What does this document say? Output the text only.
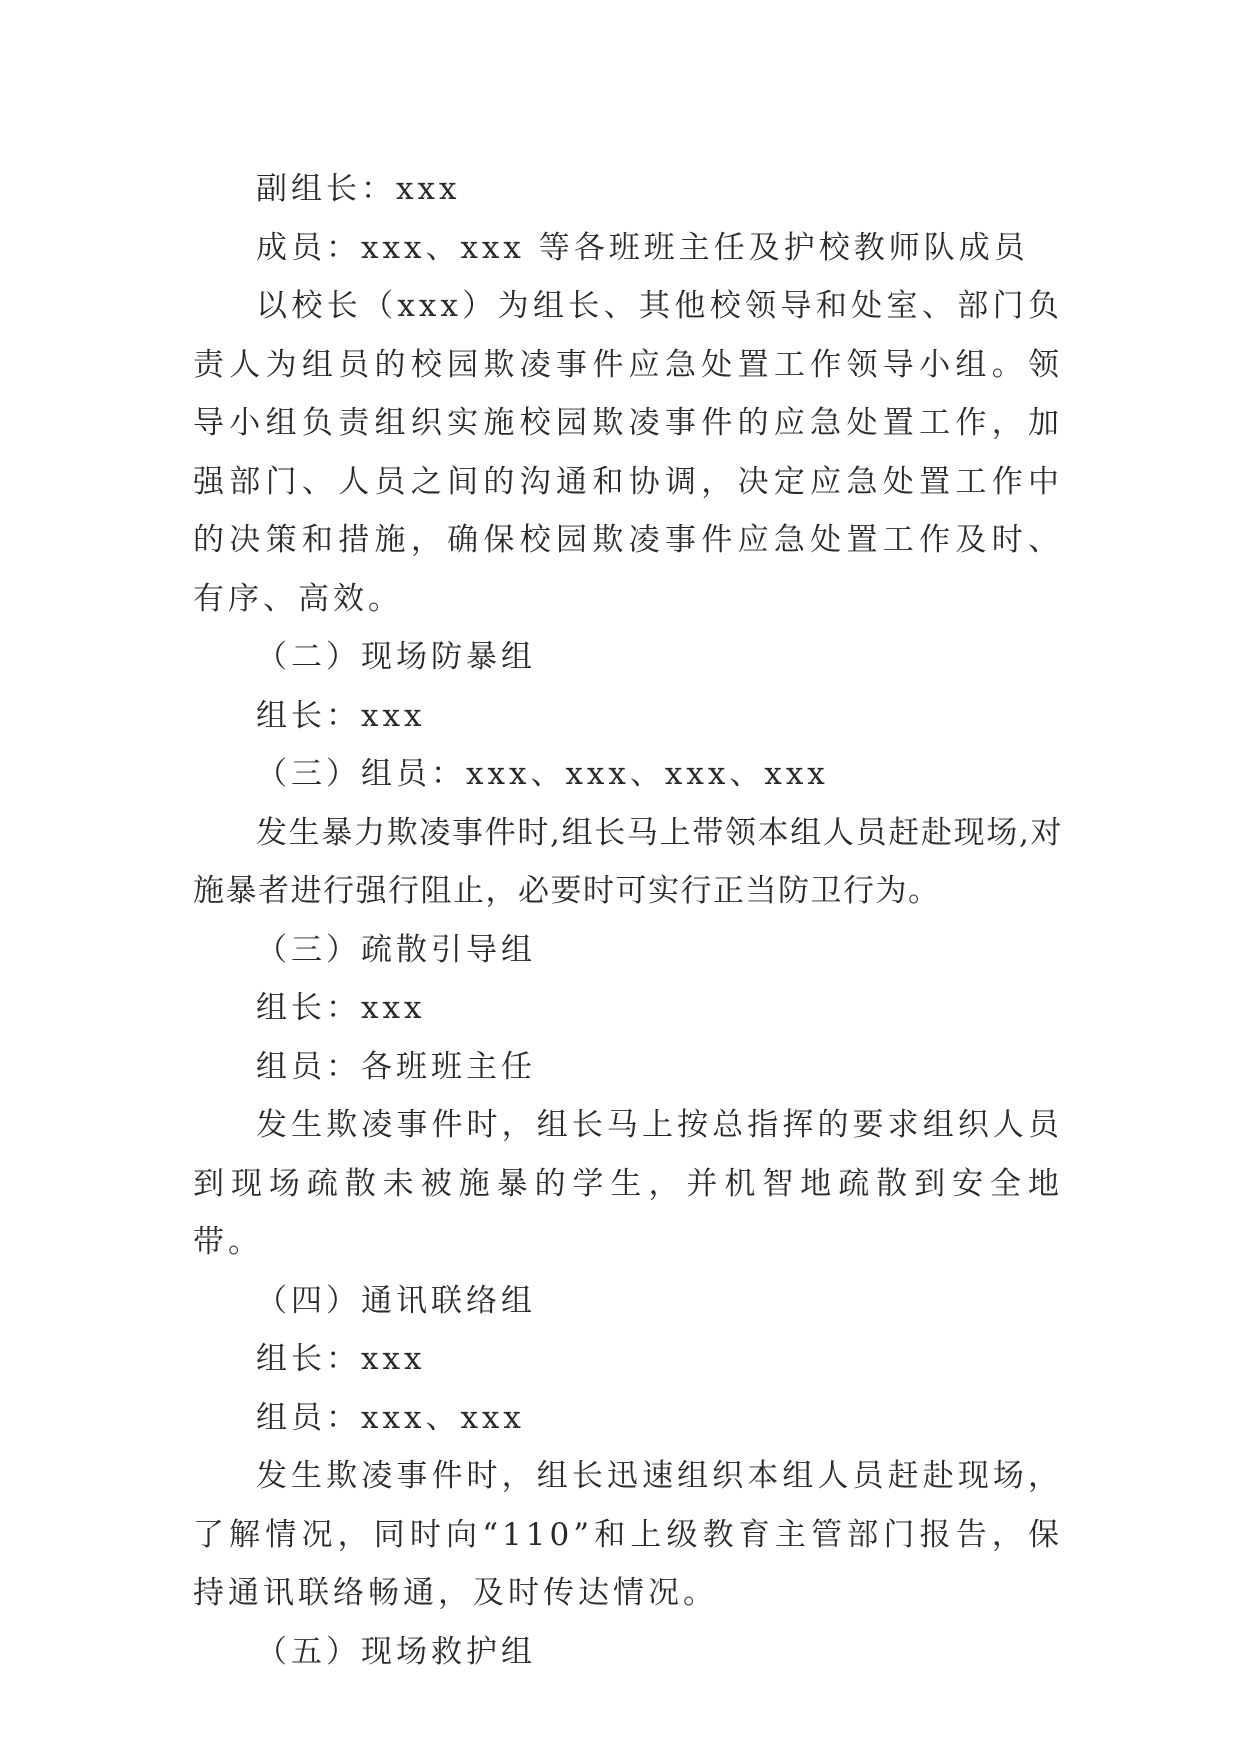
副组长：xxx

成员：xxx、xxx 等各班班主任及护校教师队成员

以校长（xxx）为组长、其他校领导和处室、部门负责人为组员的校园欺凌事件应急处置工作领导小组。领导小组负责组织实施校园欺凌事件的应急处置工作，加强部门、人员之间的沟通和协调，决定应急处置工作中的决策和措施，确保校园欺凌事件应急处置工作及时、有序、高效。

（二）现场防暴组

组长：xxx

（三）组员：xxx、xxx、xxx、xxx

发生暴力欺凌事件时,组长马上带领本组人员赶赴现场,对施暴者进行强行阻止，必要时可实行正当防卫行为。

（三）疏散引导组

组长：xxx

组员：各班班主任

发生欺凌事件时，组长马上按总指挥的要求组织人员到现场疏散未被施暴的学生，并机智地疏散到安全地带。

（四）通讯联络组

组长：xxx

组员：xxx、xxx

发生欺凌事件时，组长迅速组织本组人员赶赴现场，了解情况，同时向“110”和上级教育主管部门报告，保持通讯联络畅通，及时传达情况。

（五）现场救护组
